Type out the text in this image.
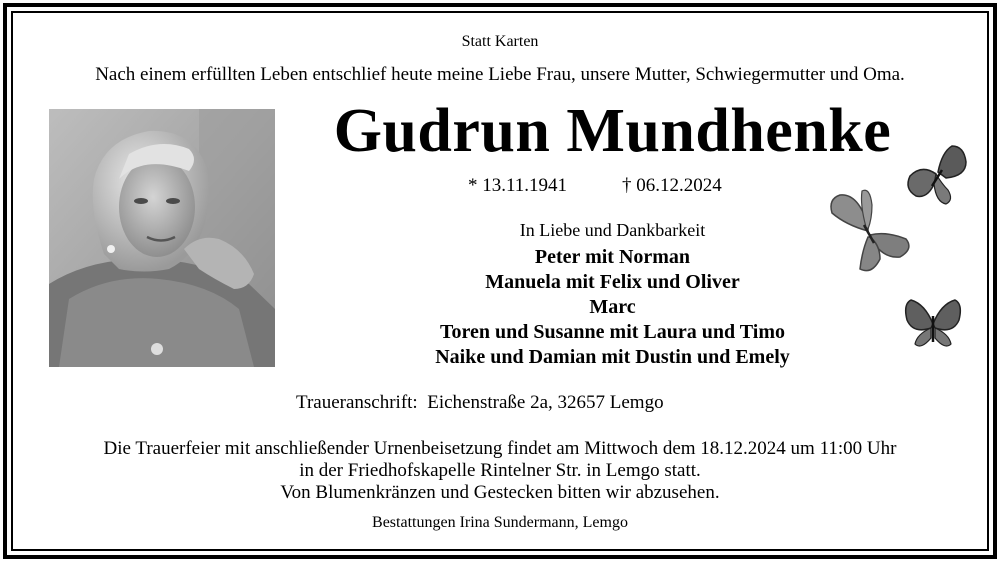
Statt Karten
Nach einem erfüllten Leben entschlief heute meine Liebe Frau, unsere Mutter, Schwiegermutter und Oma.
Gudrun Mundhenke
* 13.11.1941	† 06.12.2024
In Liebe und Dankbarkeit
Peter mit Norman
Manuela mit Felix und Oliver
Marc
Toren und Susanne mit Laura und Timo
Naike und Damian mit Dustin und Emely
Traueranschrift: Eichenstraße 2a, 32657 Lemgo
Die Trauerfeier mit anschließender Urnenbeisetzung findet am Mittwoch dem 18.12.2024 um 11:00 Uhr
in der Friedhofskapelle Rintelner Str. in Lemgo statt.
Von Blumenkränzen und Gestecken bitten wir abzusehen.
Bestattungen Irina Sundermann, Lemgo
